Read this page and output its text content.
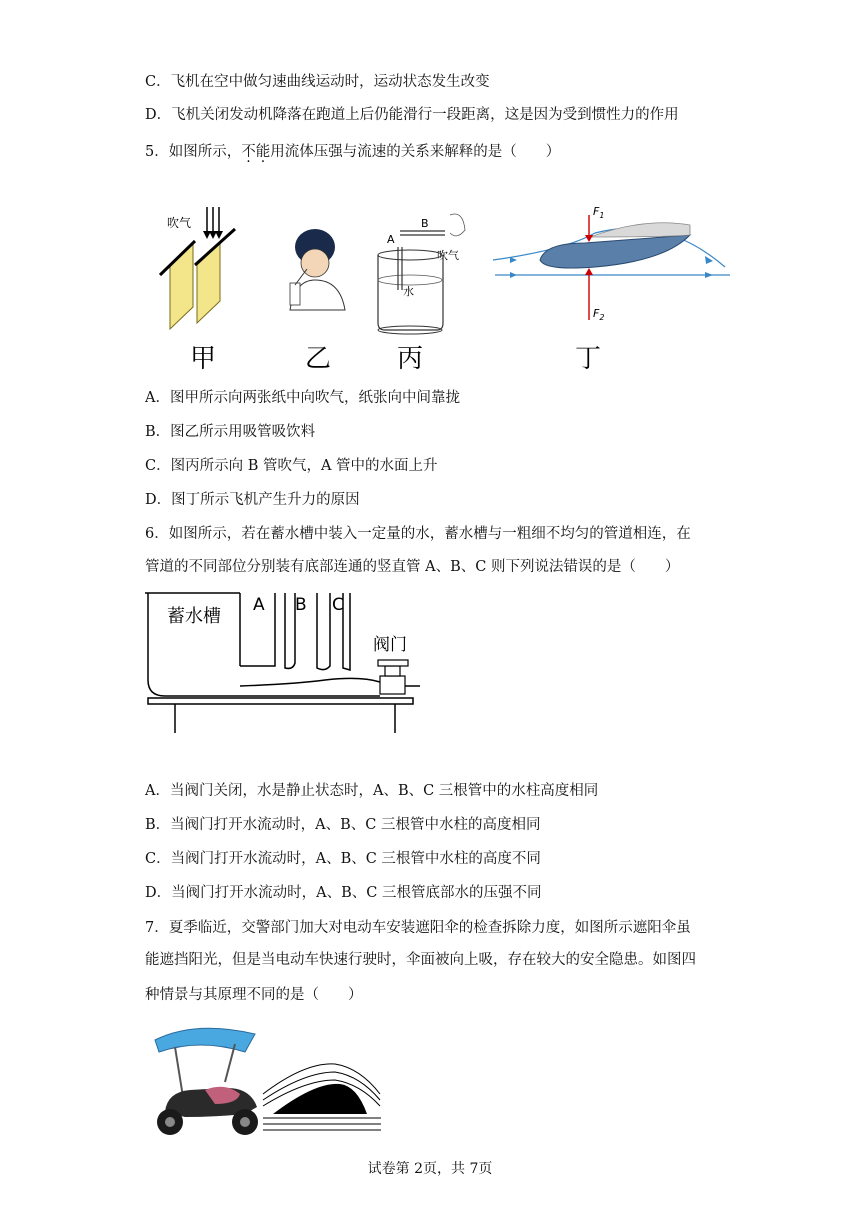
C．飞机在空中做匀速曲线运动时，运动状态发生改变
D．飞机关闭发动机降落在跑道上后仍能滑行一段距离，这是因为受到惯性力的作用
5．如图所示，不能用流体压强与流速的关系来解释的是（　　）
吹气
甲	乙
A
B
吹气
水
丙
$F_1$
$F_2$
丁
A．图甲所示向两张纸中向吹气，纸张向中间靠拢
B．图乙所示用吸管吸饮料
C．图丙所示向 B 管吹气，A 管中的水面上升
D．图丁所示飞机产生升力的原因
6．如图所示，若在蓄水槽中装入一定量的水，蓄水槽与一粗细不均匀的管道相连，在
管道的不同部位分别装有底部连通的竖直管 A、B、C 则下列说法错误的是（　　）
蓄水槽
A B C
阀门
A．当阀门关闭，水是静止状态时，A、B、C 三根管中的水柱高度相同
B．当阀门打开水流动时，A、B、C 三根管中水柱的高度相同
C．当阀门打开水流动时，A、B、C 三根管中水柱的高度不同
D．当阀门打开水流动时，A、B、C 三根管底部水的压强不同
7．夏季临近，交警部门加大对电动车安装遮阳伞的检查拆除力度，如图所示遮阳伞虽
能遮挡阳光，但是当电动车快速行驶时，伞面被向上吸，存在较大的安全隐患。如图四
种情景与其原理不同的是（　　）
试卷第 2页，共 7页
